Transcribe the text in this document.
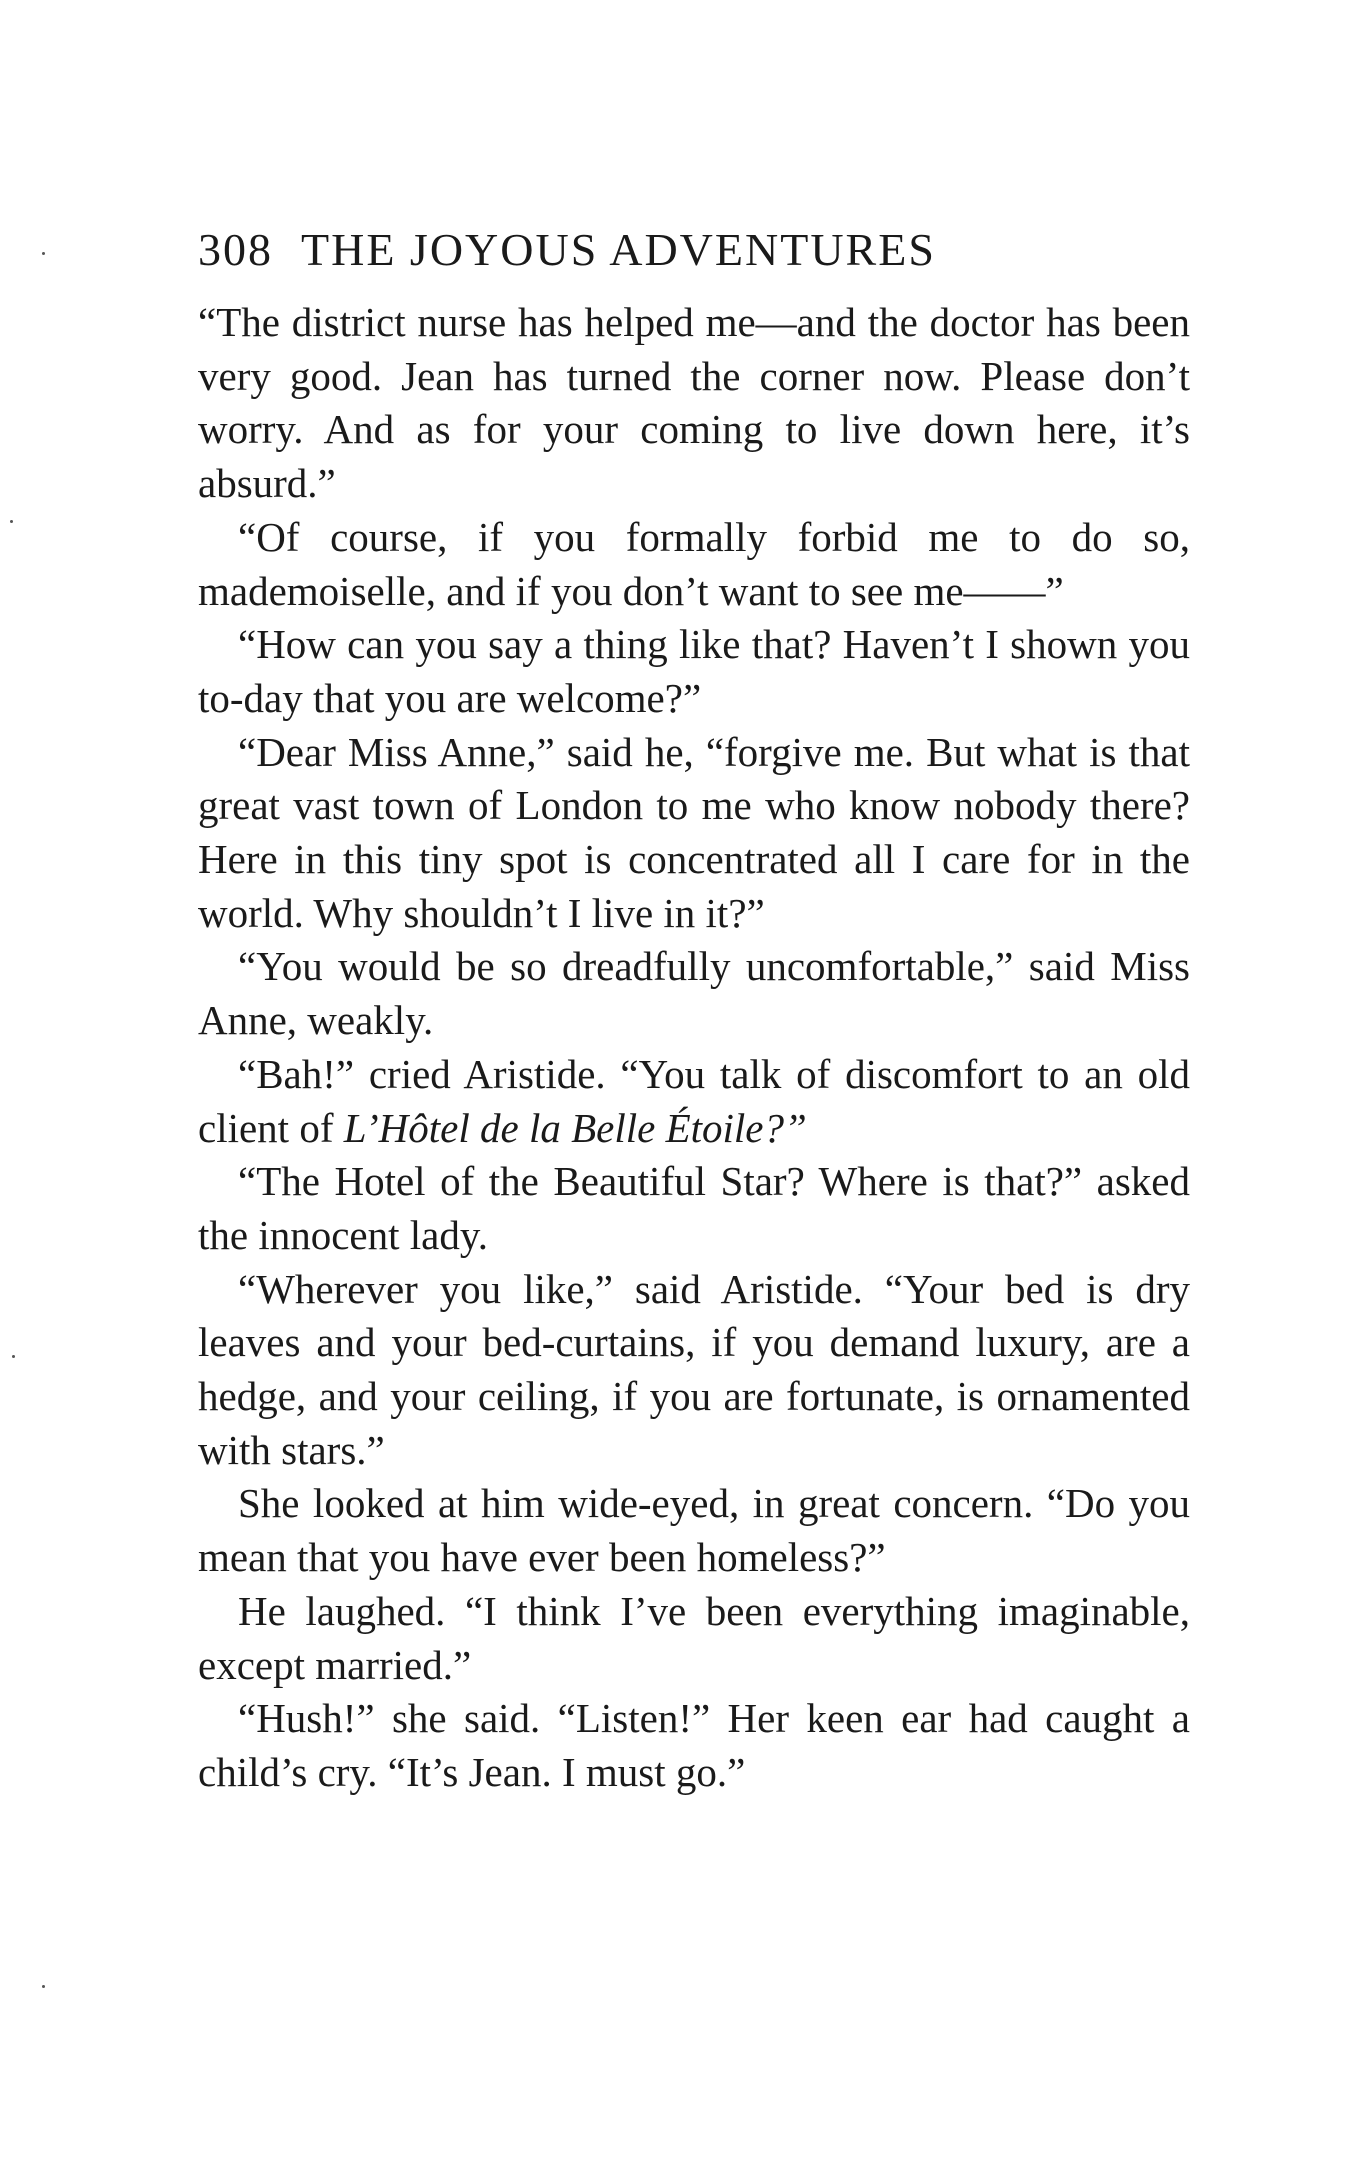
308 THE JOYOUS ADVENTURES

“The district nurse has helped me—and the doctor has been very good. Jean has turned the corner now. Please don’t worry. And as for your coming to live down here, it’s absurd.”

“Of course, if you formally forbid me to do so, mademoiselle, and if you don’t want to see me——”

“How can you say a thing like that? Haven’t I shown you to-day that you are welcome?”

“Dear Miss Anne,” said he, “forgive me. But what is that great vast town of London to me who know nobody there? Here in this tiny spot is concentrated all I care for in the world. Why shouldn’t I live in it?”

“You would be so dreadfully uncomfortable,” said Miss Anne, weakly.

“Bah!” cried Aristide. “You talk of discomfort to an old client of L’Hôtel de la Belle Étoile?”

“The Hotel of the Beautiful Star? Where is that?” asked the innocent lady.

“Wherever you like,” said Aristide. “Your bed is dry leaves and your bed-curtains, if you demand luxury, are a hedge, and your ceiling, if you are fortunate, is ornamented with stars.”

She looked at him wide-eyed, in great concern. “Do you mean that you have ever been homeless?”

He laughed. “I think I’ve been everything imaginable, except married.”

“Hush!” she said. “Listen!” Her keen ear had caught a child’s cry. “It’s Jean. I must go.”
